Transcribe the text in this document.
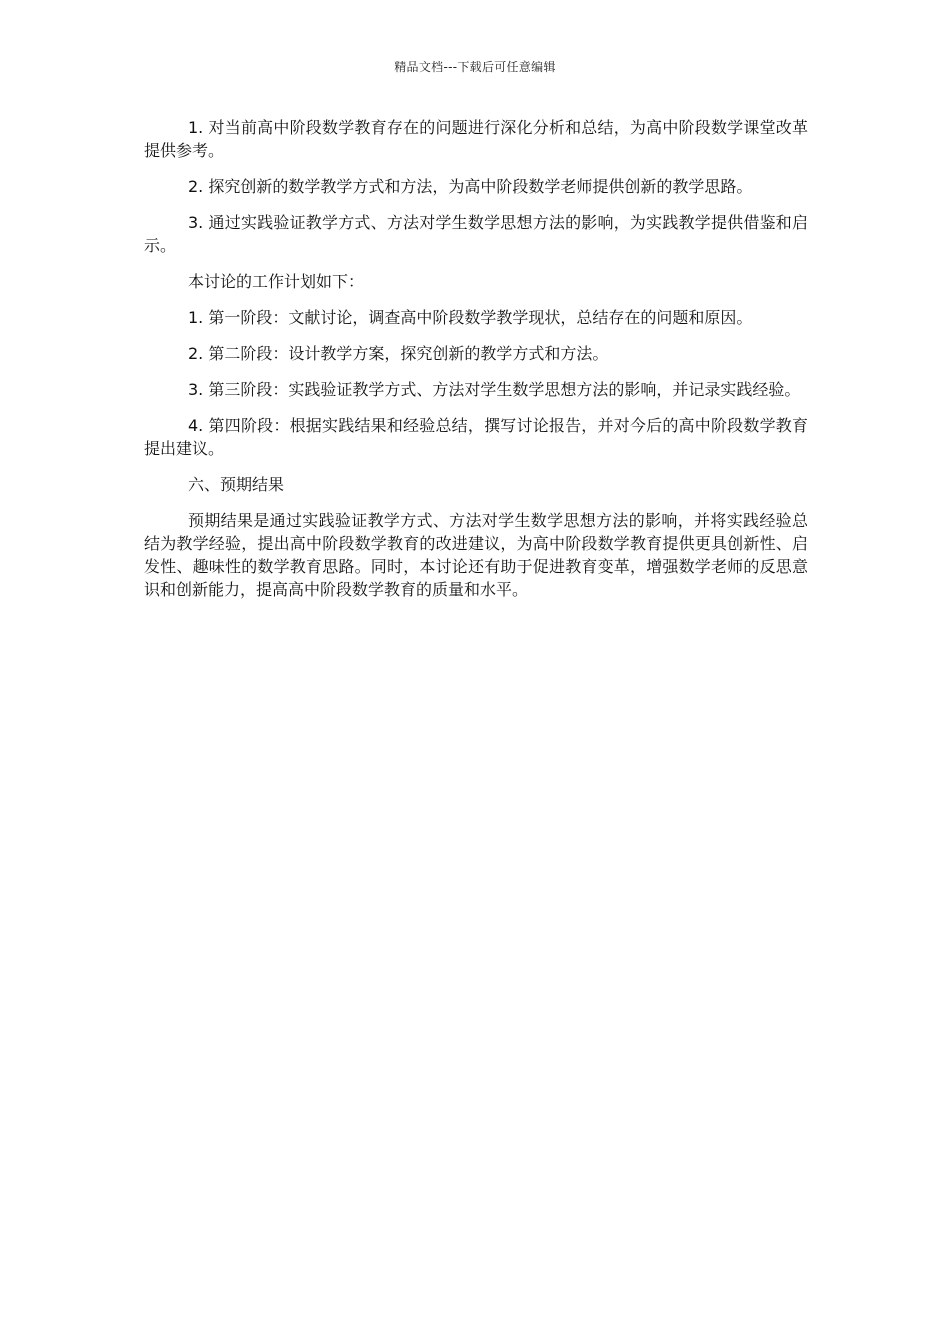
精品文档---下载后可任意编辑

1. 对当前高中阶段数学教育存在的问题进行深化分析和总结，为高中阶段数学课堂改革提供参考。

2. 探究创新的数学教学方式和方法，为高中阶段数学老师提供创新的教学思路。

3. 通过实践验证教学方式、方法对学生数学思想方法的影响，为实践教学提供借鉴和启示。

本讨论的工作计划如下：

1. 第一阶段：文献讨论，调查高中阶段数学教学现状，总结存在的问题和原因。

2. 第二阶段：设计教学方案，探究创新的教学方式和方法。

3. 第三阶段：实践验证教学方式、方法对学生数学思想方法的影响，并记录实践经验。

4. 第四阶段：根据实践结果和经验总结，撰写讨论报告，并对今后的高中阶段数学教育提出建议。

六、预期结果

预期结果是通过实践验证教学方式、方法对学生数学思想方法的影响，并将实践经验总结为教学经验，提出高中阶段数学教育的改进建议，为高中阶段数学教育提供更具创新性、启发性、趣味性的数学教育思路。同时，本讨论还有助于促进教育变革，增强数学老师的反思意识和创新能力，提高高中阶段数学教育的质量和水平。
